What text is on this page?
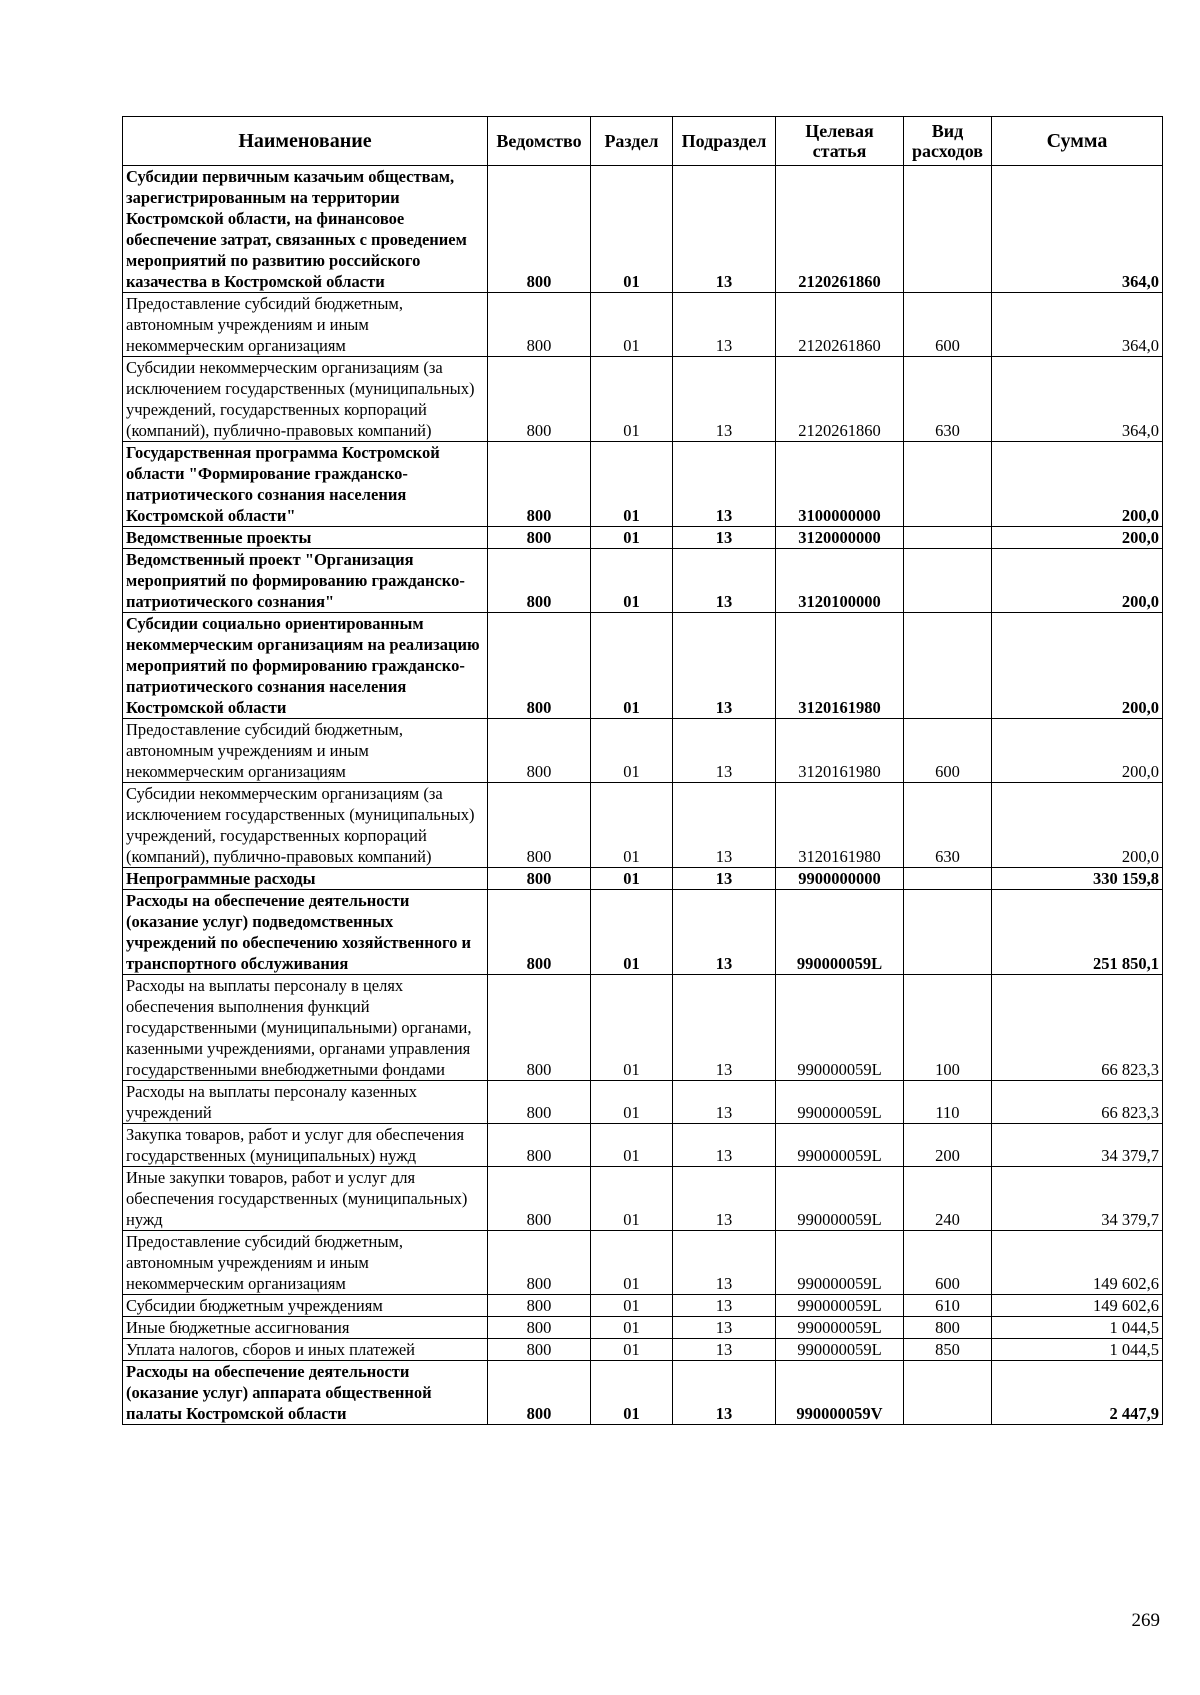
Наименование	Ведомство	Раздел	Подраздел	Целевая статья	Вид расходов	Сумма
Субсидии первичным казачьим обществам, зарегистрированным на территории Костромской области, на финансовое обеспечение затрат, связанных с проведением мероприятий по развитию российского казачества в Костромской области	800	01	13	2120261860		364,0
Предоставление субсидий бюджетным, автономным учреждениям и иным некоммерческим организациям	800	01	13	2120261860	600	364,0
Субсидии некоммерческим организациям (за исключением государственных (муниципальных) учреждений, государственных корпораций (компаний), публично-правовых компаний)	800	01	13	2120261860	630	364,0
Государственная программа Костромской области "Формирование гражданско-патриотического сознания населения Костромской области"	800	01	13	3100000000		200,0
Ведомственные проекты	800	01	13	3120000000		200,0
Ведомственный проект "Организация мероприятий по формированию гражданско-патриотического сознания"	800	01	13	3120100000		200,0
Субсидии социально ориентированным некоммерческим организациям на реализацию мероприятий по формированию гражданско-патриотического сознания населения Костромской области	800	01	13	3120161980		200,0
Предоставление субсидий бюджетным, автономным учреждениям и иным некоммерческим организациям	800	01	13	3120161980	600	200,0
Субсидии некоммерческим организациям (за исключением государственных (муниципальных) учреждений, государственных корпораций (компаний), публично-правовых компаний)	800	01	13	3120161980	630	200,0
Непрограммные расходы	800	01	13	9900000000		330 159,8
Расходы на обеспечение деятельности (оказание услуг) подведомственных учреждений по обеспечению хозяйственного и транспортного обслуживания	800	01	13	990000059L		251 850,1
Расходы на выплаты персоналу в целях обеспечения выполнения функций государственными (муниципальными) органами, казенными учреждениями, органами управления государственными внебюджетными фондами	800	01	13	990000059L	100	66 823,3
Расходы на выплаты персоналу казенных учреждений	800	01	13	990000059L	110	66 823,3
Закупка товаров, работ и услуг для обеспечения государственных (муниципальных) нужд	800	01	13	990000059L	200	34 379,7
Иные закупки товаров, работ и услуг для обеспечения государственных (муниципальных) нужд	800	01	13	990000059L	240	34 379,7
Предоставление субсидий бюджетным, автономным учреждениям и иным некоммерческим организациям	800	01	13	990000059L	600	149 602,6
Субсидии бюджетным учреждениям	800	01	13	990000059L	610	149 602,6
Иные бюджетные ассигнования	800	01	13	990000059L	800	1 044,5
Уплата налогов, сборов и иных платежей	800	01	13	990000059L	850	1 044,5
Расходы на обеспечение деятельности (оказание услуг) аппарата общественной палаты Костромской области	800	01	13	990000059V		2 447,9
269
